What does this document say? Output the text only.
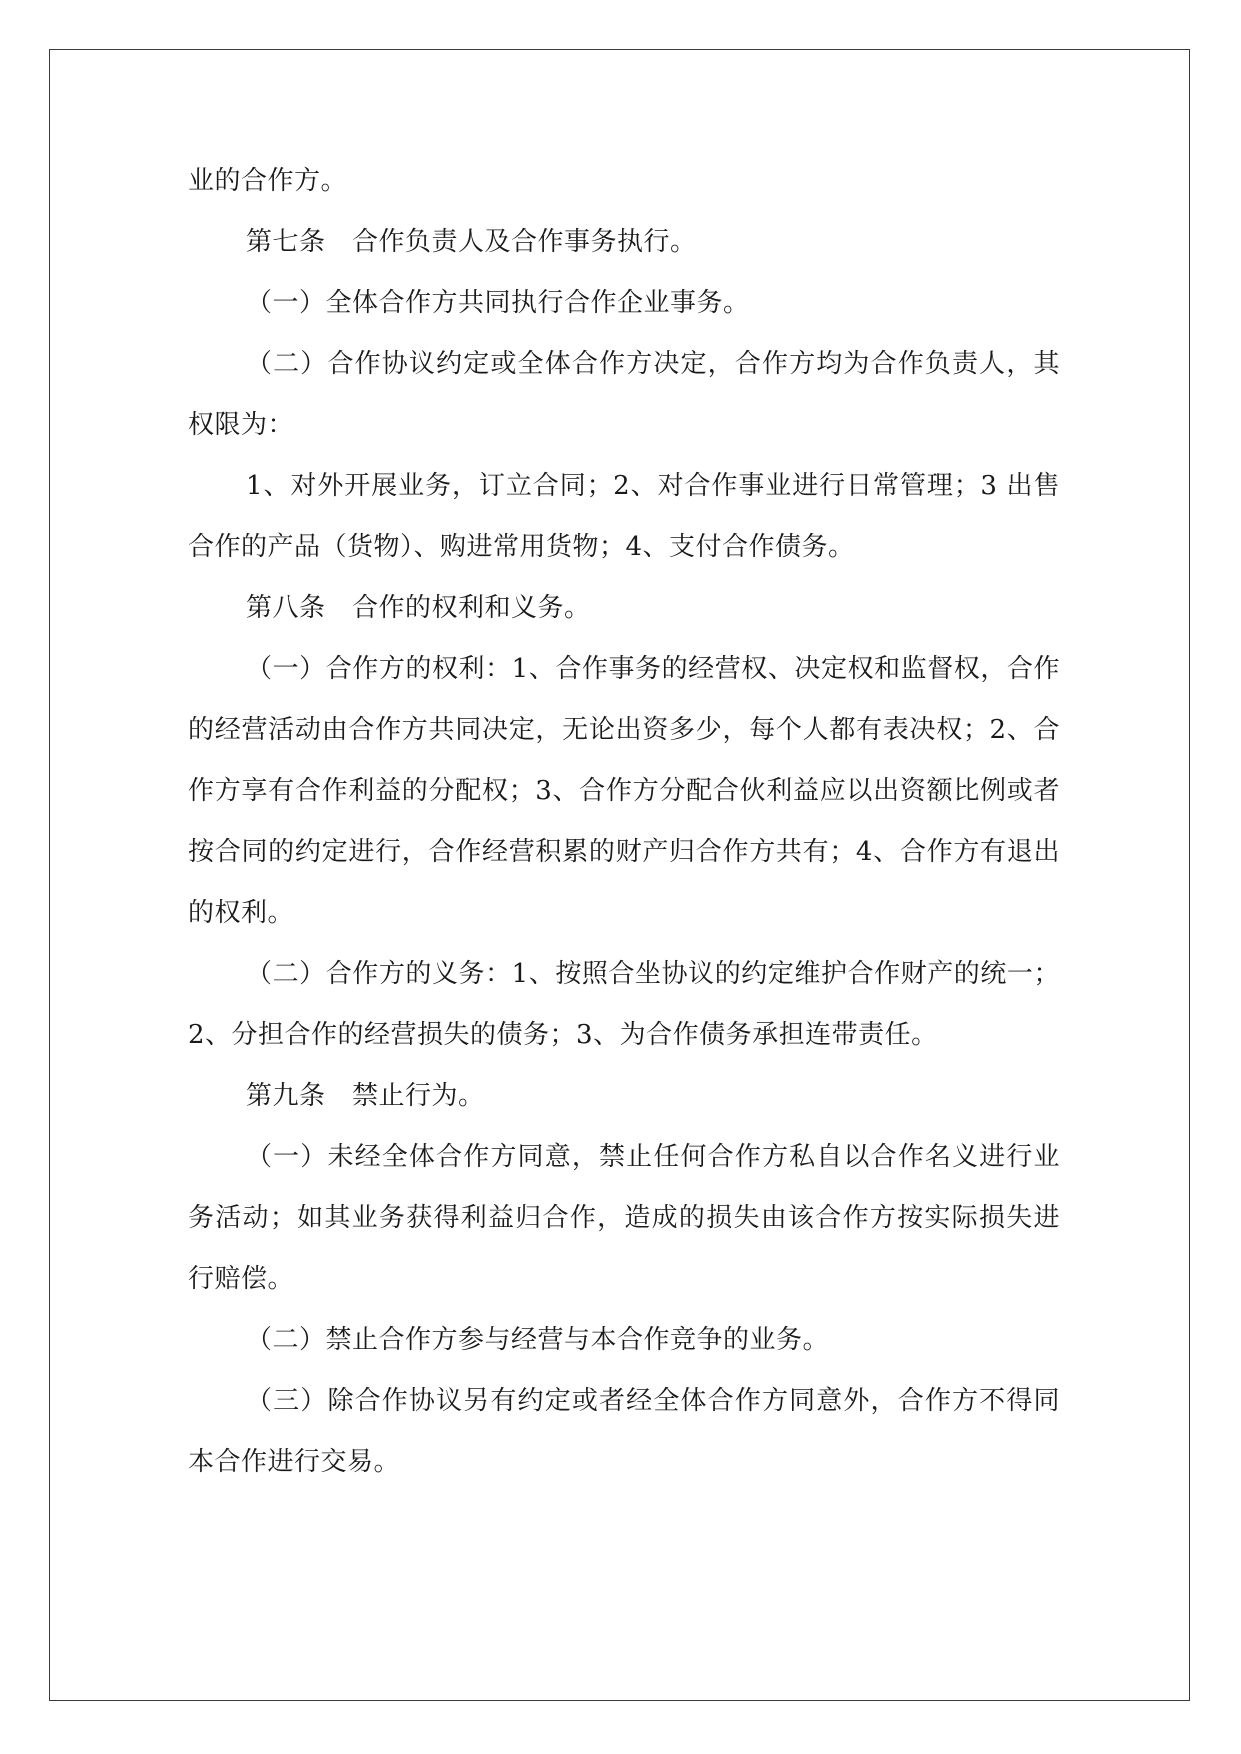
业的合作方。

第七条　合作负责人及合作事务执行。

（一）全体合作方共同执行合作企业事务。

（二）合作协议约定或全体合作方决定，合作方均为合作负责人，其权限为：

1、对外开展业务，订立合同；2、对合作事业进行日常管理；3 出售合作的产品（货物）、购进常用货物；4、支付合作债务。

第八条　合作的权利和义务。

（一）合作方的权利：1、合作事务的经营权、决定权和监督权，合作的经营活动由合作方共同决定，无论出资多少，每个人都有表决权；2、合作方享有合作利益的分配权；3、合作方分配合伙利益应以出资额比例或者按合同的约定进行，合作经营积累的财产归合作方共有；4、合作方有退出的权利。

（二）合作方的义务：1、按照合坐协议的约定维护合作财产的统一；2、分担合作的经营损失的债务；3、为合作债务承担连带责任。

第九条　禁止行为。

（一）未经全体合作方同意，禁止任何合作方私自以合作名义进行业务活动；如其业务获得利益归合作，造成的损失由该合作方按实际损失进行赔偿。

（二）禁止合作方参与经营与本合作竞争的业务。

（三）除合作协议另有约定或者经全体合作方同意外，合作方不得同本合作进行交易。
